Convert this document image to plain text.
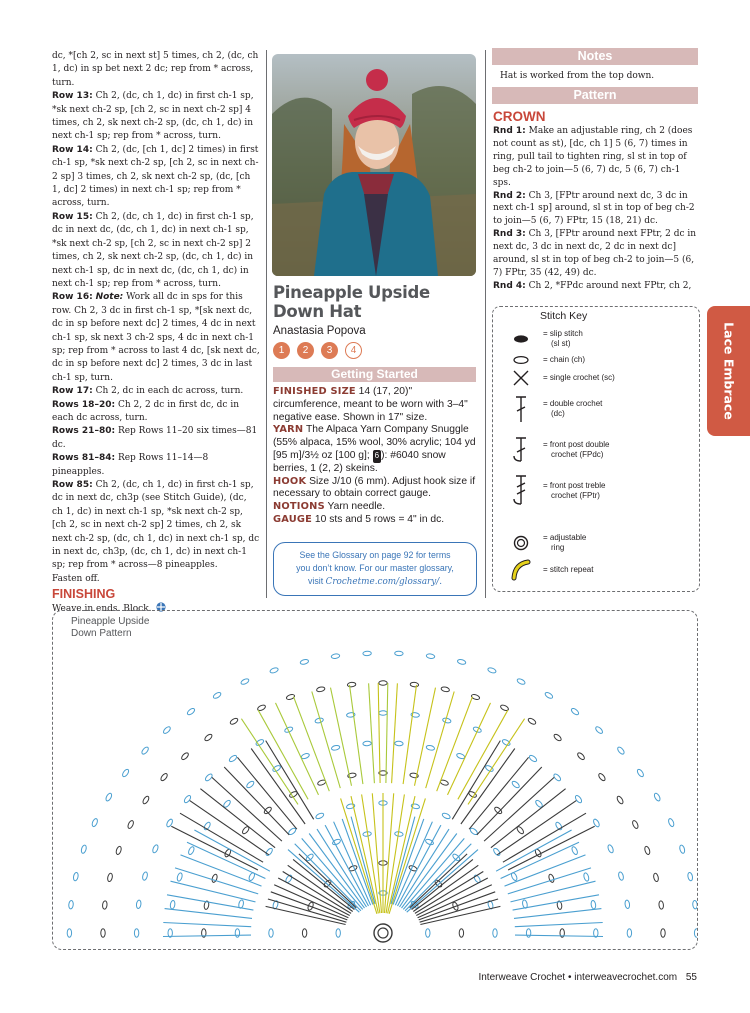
dc, *[ch 2, sc in next st] 5 times, ch 2, (dc, ch 1, dc) in sp bet next 2 dc; rep from * across, turn.

Row 13: Ch 2, (dc, ch 1, dc) in first ch-1 sp, *sk next ch-2 sp, [ch 2, sc in next ch-2 sp] 4 times, ch 2, sk next ch-2 sp, (dc, ch 1, dc) in next ch-1 sp; rep from * across, turn.

Row 14: Ch 2, (dc, [ch 1, dc] 2 times) in first ch-1 sp, *sk next ch-2 sp, [ch 2, sc in next ch-2 sp] 3 times, ch 2, sk next ch-2 sp, (dc, [ch 1, dc] 2 times) in next ch-1 sp; rep from * across, turn.

Row 15: Ch 2, (dc, ch 1, dc) in first ch-1 sp, dc in next dc, (dc, ch 1, dc) in next ch-1 sp, *sk next ch-2 sp, [ch 2, sc in next ch-2 sp] 2 times, ch 2, sk next ch-2 sp, (dc, ch 1, dc) in next ch-1 sp, dc in next dc, (dc, ch 1, dc) in next ch-1 sp; rep from * across, turn.

Row 16: Note: Work all dc in sps for this row. Ch 2, 3 dc in first ch-1 sp, *[sk next dc, dc in sp before next dc] 2 times, 4 dc in next ch-1 sp, sk next 3 ch-2 sps, 4 dc in next ch-1 sp; rep from * across to last 4 dc, [sk next dc, dc in sp before next dc] 2 times, 3 dc in last ch-1 sp, turn.

Row 17: Ch 2, dc in each dc across, turn.

Rows 18–20: Ch 2, 2 dc in first dc, dc in each dc across, turn.

Rows 21–80: Rep Rows 11–20 six times—81 dc.

Rows 81–84: Rep Rows 11–14—8 pineapples.

Row 85: Ch 2, (dc, ch 1, dc) in first ch-1 sp, dc in next dc, ch3p (see Stitch Guide), (dc, ch 1, dc) in next ch-1 sp, *sk next ch-2 sp, [ch 2, sc in next ch-2 sp] 2 times, ch 2, sk next ch-2 sp, (dc, ch 1, dc) in next ch-1 sp, dc in next dc, ch3p, (dc, ch 1, dc) in next ch-1 sp; rep from * across—8 pineapples.

Fasten off.

FINISHING

Weave in ends. Block.

Pineapple Upside Down Hat
Anastasia Popova
1	2	3	4
Getting Started

FINISHED SIZE 14 (17, 20)" circumference, meant to be worn with 3–4" negative ease. Shown in 17" size.

YARN The Alpaca Yarn Company Snuggle (55% alpaca, 15% wool, 30% acrylic; 104 yd [95 m]/3½ oz [100 g]; 6 ): #6040 snow berries, 1 (2, 2) skeins.

HOOK Size J/10 (6 mm). Adjust hook size if necessary to obtain correct gauge.

NOTIONS Yarn needle.

GAUGE 10 sts and 5 rows = 4" in dc.

See the Glossary on page 92 for terms
you don’t know. For our master glossary,
visit Crochetme.com/glossary/.
Notes
Hat is worked from the top down.
Pattern
CROWN

Rnd 1: Make an adjustable ring, ch 2 (does not count as st), [dc, ch 1] 5 (6, 7) times in ring, pull tail to tighten ring, sl st in top of beg ch-2 to join—5 (6, 7) dc, 5 (6, 7) ch-1 sps.

Rnd 2: Ch 3, [FPtr around next dc, 3 dc in next ch-1 sp] around, sl st in top of beg ch-2 to join—5 (6, 7) FPtr, 15 (18, 21) dc.

Rnd 3: Ch 3, [FPtr around next FPtr, 2 dc in next dc, 3 dc in next dc, 2 dc in next dc] around, sl st in top of beg ch-2 to join—5 (6, 7) FPtr, 35 (42, 49) dc.

Rnd 4: Ch 2, *FPdc around next FPtr, ch 2,

Stitch Key
= slip stitch
(sl st)
= chain (ch)
= single crochet (sc)
= double crochet
(dc)
= front post double
crochet (FPdc)
= front post treble
crochet (FPtr)
= adjustable
ring
= stitch repeat
Lace Embrace
Pineapple Upside
Down Pattern
Interweave Crochet • interweavecrochet.com 55
